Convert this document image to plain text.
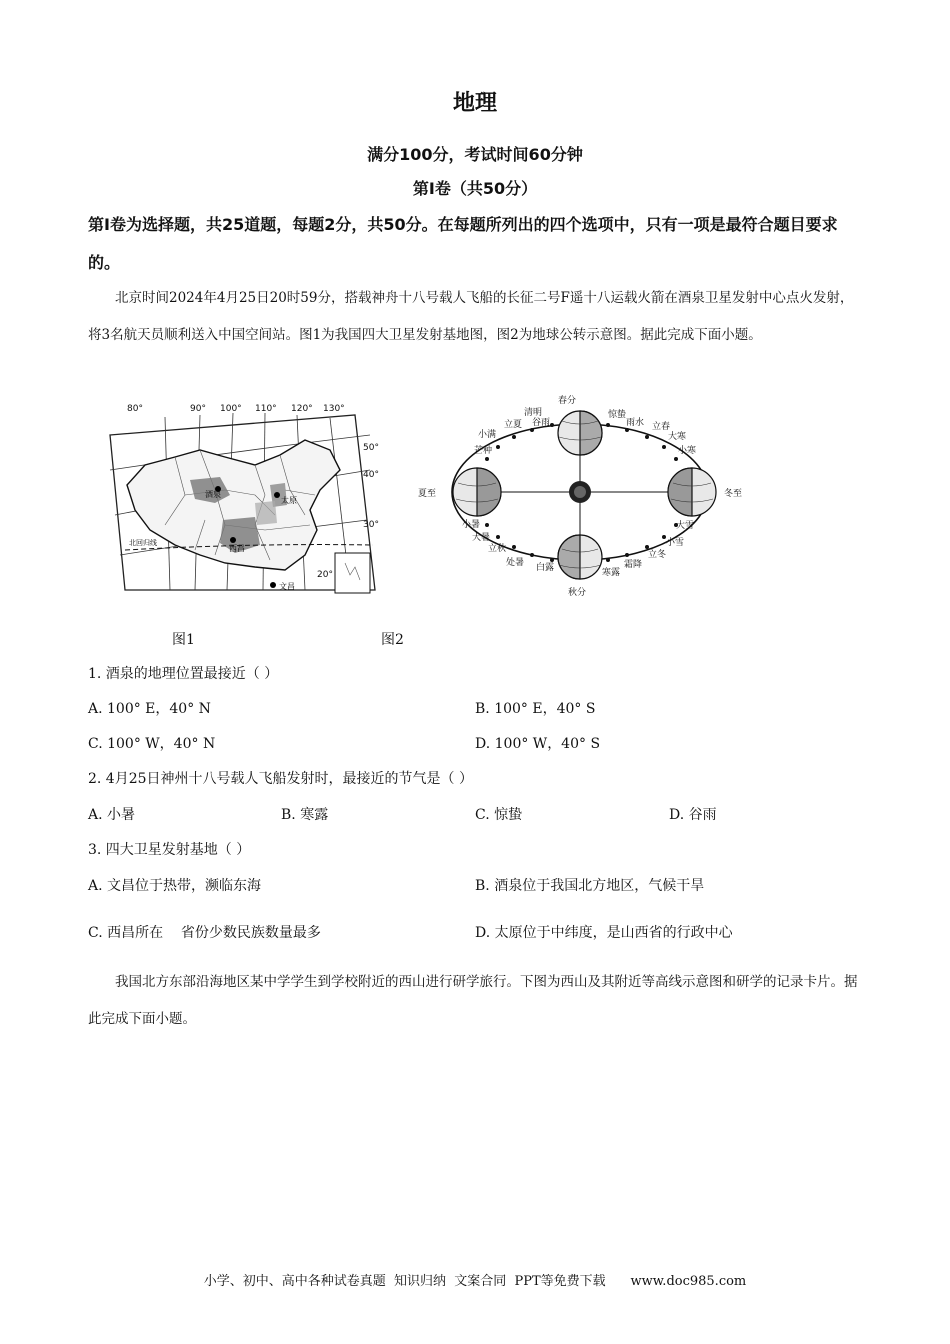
地理
满分100分，考试时间60分钟
第Ⅰ卷（共50分）
第Ⅰ卷为选择题，共25道题，每题2分，共50分。在每题所列出的四个选项中，只有一项是最符合题目要求的。
北京时间2024年4月25日20时59分，搭载神舟十八号载人飞船的长征二号F遥十八运载火箭在酒泉卫星发射中心点火发射，将3名航天员顺利送入中国空间站。图1为我国四大卫星发射基地图，图2为地球公转示意图。据此完成下面小题。
80°	90° 100° 110° 120° 130°
50°
40°
30°
20°
酒泉
太原
西昌
文昌
北回归线
春分
清明
谷雨
立夏
小满
芒种
夏至
小暑
大暑
立秋
处暑 白露
秋分
寒露
霜降
立冬
小雪
大雪
冬至
小寒
大寒
立春
雨水
惊蛰
图1	图2
1. 酒泉的地理位置最接近（ ）
A. 100° E，40° N	B. 100° E，40° S
C. 100° W，40° N	D. 100° W，40° S
2. 4月25日神州十八号载人飞船发射时，最接近的节气是（ ）
A. 小暑	B. 寒露	C. 惊蛰	D. 谷雨
3. 四大卫星发射基地（ ）
A. 文昌位于热带，濒临东海	B. 酒泉位于我国北方地区，气候干旱
C. 西昌所在    省份少数民族数量最多	D. 太原位于中纬度，是山西省的行政中心
我国北方东部沿海地区某中学学生到学校附近的西山进行研学旅行。下图为西山及其附近等高线示意图和研学的记录卡片。据此完成下面小题。
小学、初中、高中各种试卷真题  知识归纳  文案合同  PPT等免费下载      www.doc985.com
